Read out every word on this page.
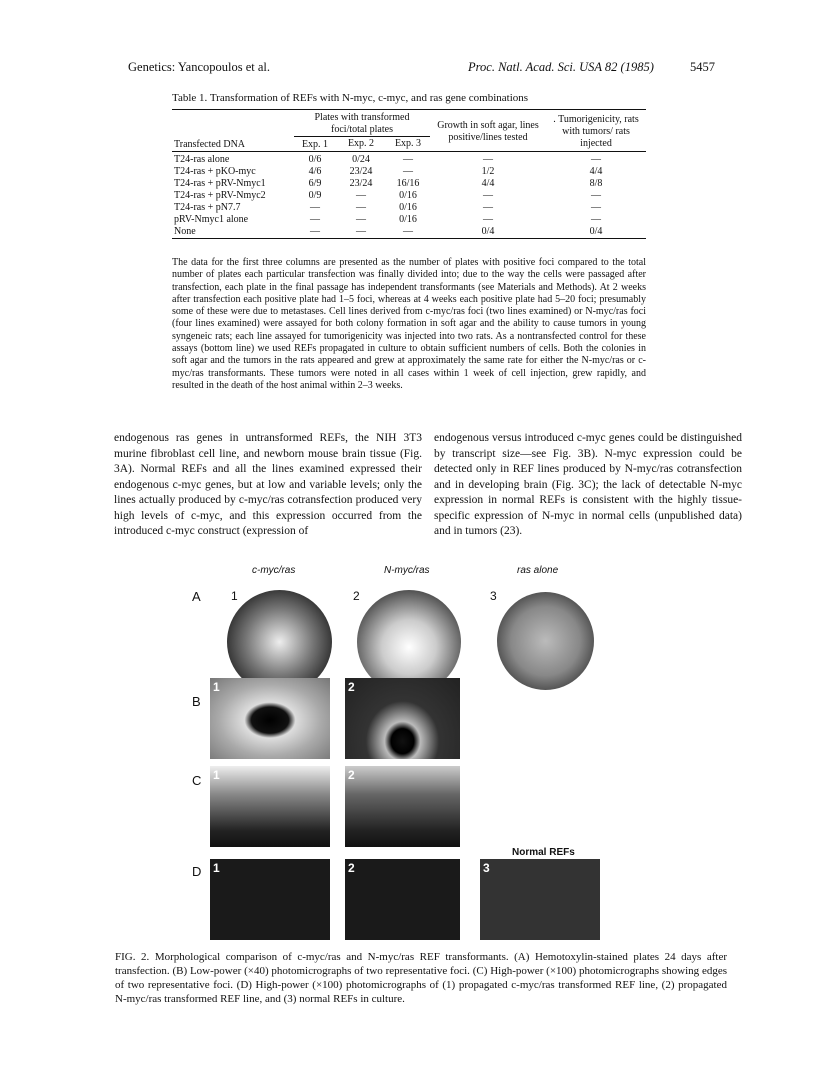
Genetics: Yancopoulos et al.	Proc. Natl. Acad. Sci. USA 82 (1985)	5457
Table 1. Transformation of REFs with N-myc, c-myc, and ras gene combinations
Transfected DNA	Plates with transformed foci/total plates			Growth in soft agar, lines positive/lines tested	. Tumorigenicity, rats with tumors/ rats injected
	Exp. 1	Exp. 2	Exp. 3		
T24-ras alone	0/6	0/24	—	—	—
T24-ras + pKO-myc	4/6	23/24	—	1/2	4/4
T24-ras + pRV-Nmyc1	6/9	23/24	16/16	4/4	8/8
T24-ras + pRV-Nmyc2	0/9	—	0/16	—	—
T24-ras + pN7.7	—	—	0/16	—	—
pRV-Nmyc1 alone	—	—	0/16	—	—
None	—	—	—	0/4	0/4
The data for the first three columns are presented as the number of plates with positive foci compared to the total number of plates each particular transfection was finally divided into; due to the way the cells were passaged after transfection, each plate in the final passage has independent transformants (see Materials and Methods). At 2 weeks after transfection each positive plate had 1–5 foci, whereas at 4 weeks each positive plate had 5–20 foci; presumably some of these were due to metastases. Cell lines derived from c-myc/ras foci (two lines examined) or N-myc/ras foci (four lines examined) were assayed for both colony formation in soft agar and the ability to cause tumors in young syngeneic rats; each line assayed for tumorigenicity was injected into two rats. As a nontransfected control for these assays (bottom line) we used REFs propagated in culture to obtain sufficient numbers of cells. Both the colonies in soft agar and the tumors in the rats appeared and grew at approximately the same rate for either the N-myc/ras or c-myc/ras transformants. These tumors were noted in all cases within 1 week of cell injection, grew rapidly, and resulted in the death of the host animal within 2–3 weeks.
endogenous ras genes in untransformed REFs, the NIH 3T3 murine fibroblast cell line, and newborn mouse brain tissue (Fig. 3A). Normal REFs and all the lines examined expressed their endogenous c-myc genes, but at low and variable levels; only the lines actually produced by c-myc/ras cotransfection produced very high levels of c-myc, and this expression occurred from the introduced c-myc construct (expression of
endogenous versus introduced c-myc genes could be distinguished by transcript size—see Fig. 3B). N-myc expression could be detected only in REF lines produced by N-myc/ras cotransfection and in developing brain (Fig. 3C); the lack of detectable N-myc expression in normal REFs is consistent with the highly tissue-specific expression of N-myc in normal cells (unpublished data) and in tumors (23).
c-myc/ras	N-myc/ras	ras alone
A
B
C
D
1	2	3
1	2
1	2
Normal REFs
1	2	3
FIG. 2. Morphological comparison of c-myc/ras and N-myc/ras REF transformants. (A) Hemotoxylin-stained plates 24 days after transfection. (B) Low-power (×40) photomicrographs of two representative foci. (C) High-power (×100) photomicrographs showing edges of two representative foci. (D) High-power (×100) photomicrographs of (1) propagated c-myc/ras transformed REF line, (2) propagated N-myc/ras transformed REF line, and (3) normal REFs in culture.
